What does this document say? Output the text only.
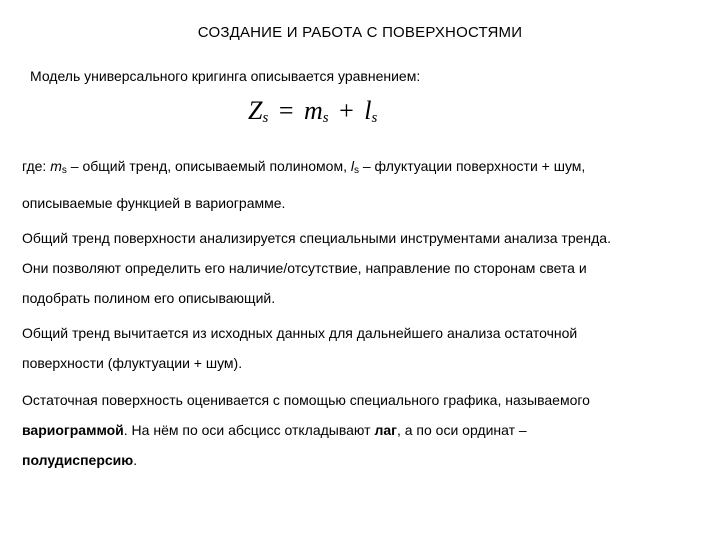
СОЗДАНИЕ И РАБОТА С ПОВЕРХНОСТЯМИ
Модель универсального кригинга описывается уравнением:
$Z_s = m_s + l_s$
где: $m_s$ – общий тренд, описываемый полиномом, $l_s$ – флуктуации поверхности + шум,
описываемые функцией в вариограмме.
Общий тренд поверхности анализируется специальными инструментами анализа тренда.
Они позволяют определить его наличие/отсутствие, направление по сторонам света и
подобрать полином его описывающий.
Общий тренд вычитается из исходных данных для дальнейшего анализа остаточной
поверхности (флуктуации + шум).
Остаточная поверхность оценивается с помощью специального графика, называемого
вариограммой. На нём по оси абсцисс откладывают лаг, а по оси ординат –
полудисперсию.
